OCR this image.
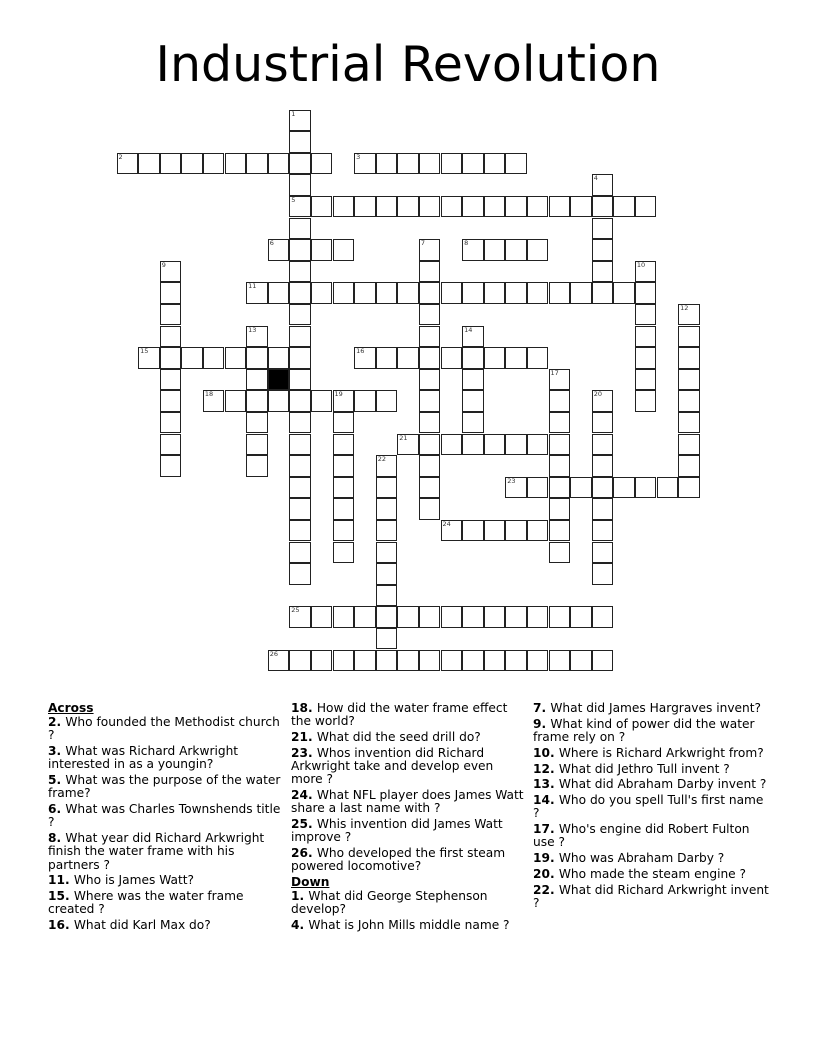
Industrial Revolution
1
5
2	3
4
6	7	8
9	10
11
12
13	14
15	16
17
18	19	20
21
22
23
24
25
26
Across
2. Who founded the Methodist church ?
3. What was Richard Arkwright interested in as a youngin?
5. What was the purpose of the water frame?
6. What was Charles Townshends title ?
8. What year did Richard Arkwright finish the water frame with his partners ?
11. Who is James Watt?
15. Where was the water frame created ?
16. What did Karl Max do?
18. How did the water frame effect the world?
21. What did the seed drill do?
23. Whos invention did Richard Arkwright take and develop even more ?
24. What NFL player does James Watt share a last name with ?
25. Whis invention did James Watt improve ?
26. Who developed the first steam powered locomotive?
Down
1. What did George Stephenson develop?
4. What is John Mills middle name ?
7. What did James Hargraves invent?
9. What kind of power did the water frame rely on ?
10. Where is Richard Arkwright from?
12. What did Jethro Tull invent ?
13. What did Abraham Darby invent ?
14. Who do you spell Tull's first name ?
17. Who's engine did Robert Fulton use ?
19. Who was Abraham Darby ?
20. Who made the steam engine ?
22. What did Richard Arkwright invent ?
